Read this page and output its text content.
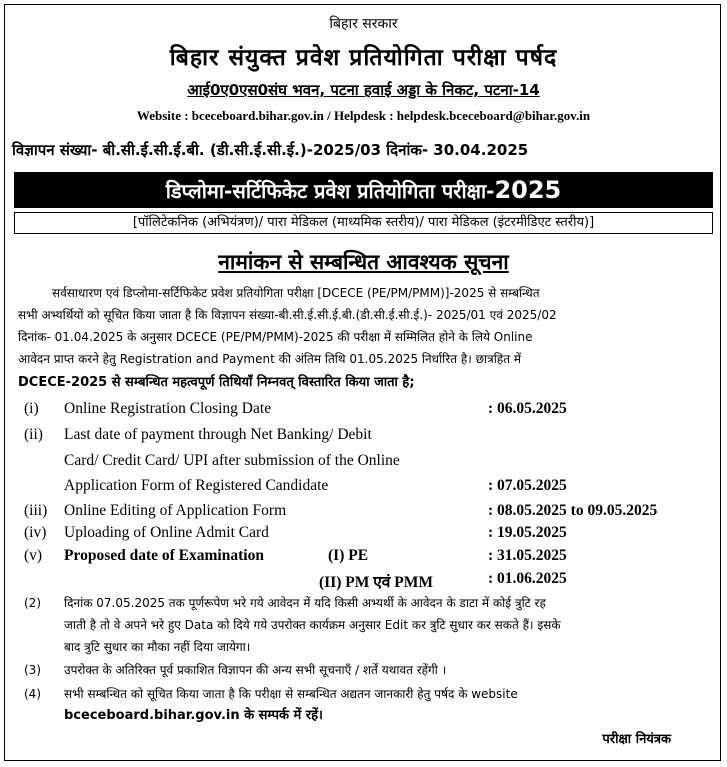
बिहार सरकार
बिहार संयुक्त प्रवेश प्रतियोगिता परीक्षा पर्षद
आई0ए0एस0संघ भवन, पटना हवाई अड्डा के निकट, पटना-14
Website : bceceboard.bihar.gov.in / Helpdesk : helpdesk.bceceboard@bihar.gov.in
विज्ञापन संख्या- बी.सी.ई.सी.ई.बी. (डी.सी.ई.सी.ई.)-2025/03 दिनांक- 30.04.2025
डिप्लोमा-सर्टिफिकेट प्रवेश प्रतियोगिता परीक्षा-2025
[पॉलिटेकनिक (अभियंत्रण)/ पारा मेडिकल (माध्यमिक स्तरीय)/ पारा मेडिकल (इंटरमीडिएट स्तरीय)]
नामांकन से सम्बन्धित आवश्यक सूचना
सर्वसाधारण एवं डिप्लोमा-सर्टिफिकेट प्रवेश प्रतियोगिता परीक्षा [DCECE (PE/PM/PMM)]-2025 से सम्बन्धित
सभी अभ्यर्थियों को सूचित किया जाता है कि विज्ञापन संख्या-बी.सी.ई.सी.ई.बी.(डी.सी.ई.सी.ई.)- 2025/01 एवं 2025/02
दिनांक- 01.04.2025 के अनुसार DCECE (PE/PM/PMM)-2025 की परीक्षा में सम्मिलित होने के लिये Online
आवेदन प्राप्त करने हेतु Registration and Payment की अंतिम तिथि 01.05.2025 निर्धारित है। छात्रहित में
DCECE-2025 से सम्बन्धित महत्वपूर्ण तिथियाँ निम्नवत् विस्तारित किया जाता है;
(i) Online Registration Closing Date	: 06.05.2025
(ii) Last date of payment through Net Banking/ Debit
Card/ Credit Card/ UPI after submission of the Online
Application Form of Registered Candidate	: 07.05.2025
(iii) Online Editing of Application Form	: 08.05.2025 to 09.05.2025
(iv) Uploading of Online Admit Card	: 19.05.2025
(v) Proposed date of Examination	(I) PE	: 31.05.2025
(II) PM एवं PMM	: 01.06.2025
(2) दिनांक 07.05.2025 तक पूर्णरूपेण भरे गये आवेदन में यदि किसी अभ्यर्थी के आवेदन के डाटा में कोई त्रुटि रह
जाती है तो वे अपने भरे हुए Data को दिये गये उपरोक्त कार्यक्रम अनुसार Edit कर त्रुटि सुधार कर सकते हैं। इसके
बाद त्रुटि सुधार का मौका नहीं दिया जायेगा।
(3) उपरोक्त के अतिरिक्त पूर्व प्रकाशित विज्ञापन की अन्य सभी सूचनाएँ / शर्तें यथावत रहेंगी ।
(4) सभी सम्बन्धित को सूचित किया जाता है कि परीक्षा से सम्बन्धित अद्यतन जानकारी हेतु पर्षद के website
bceceboard.bihar.gov.in के सम्पर्क में रहें।
परीक्षा नियंत्रक
